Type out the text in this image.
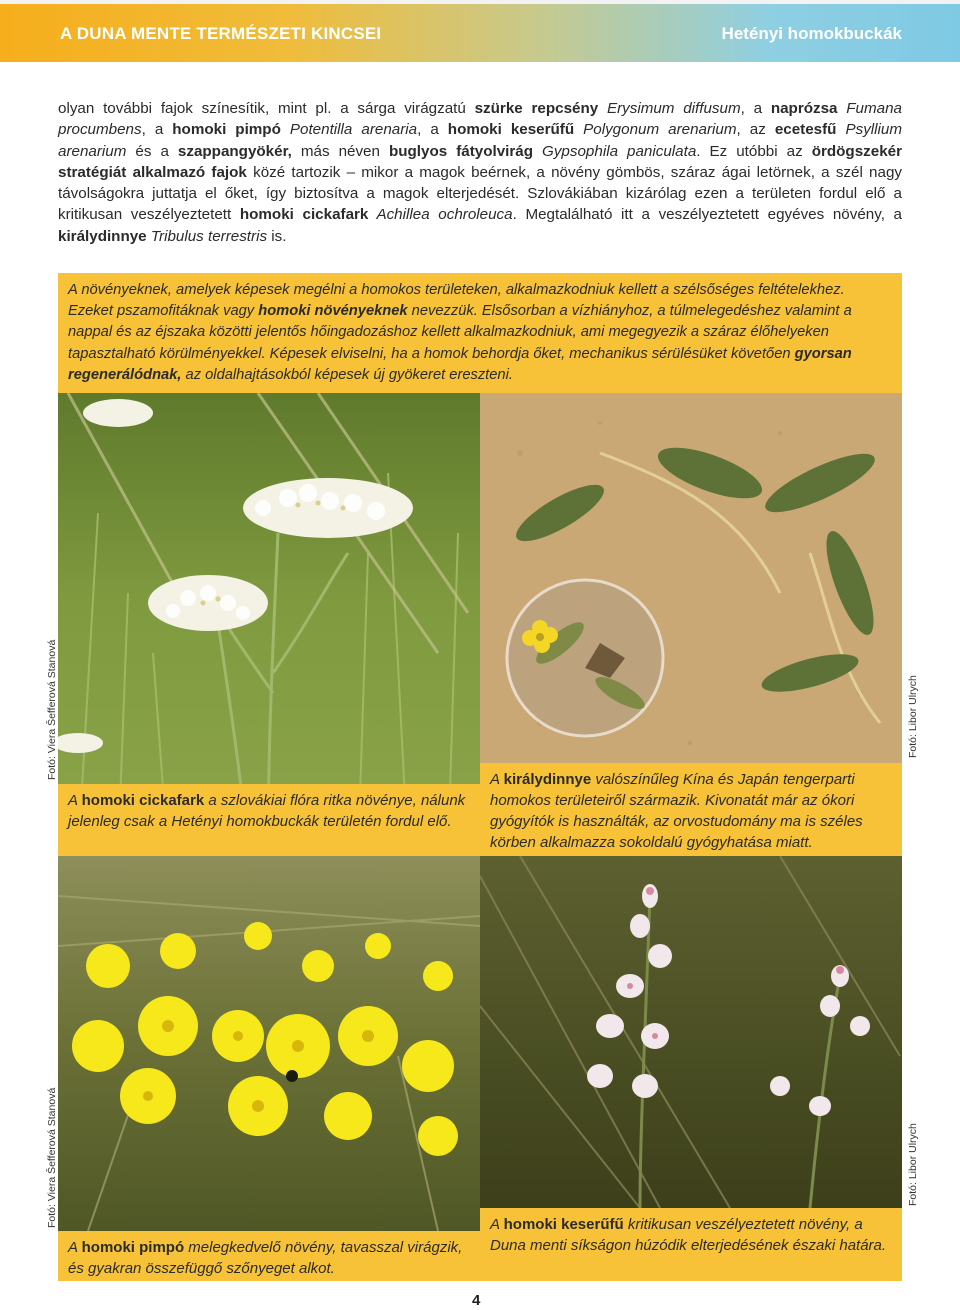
A DUNA MENTE TERMÉSZETI KINCSEI	Hetényi homokbuckák

olyan további fajok színesítik, mint pl. a sárga virágzatú szürke repcsény Erysimum diffusum, a naprózsa Fumana procumbens, a homoki pimpó Potentilla arenaria, a homoki keserűfű Polygonum arenarium, az ecetesfű Psyllium arenarium és a szappangyökér, más néven buglyos fátyolvirág Gypsophila paniculata. Ez utóbbi az ördögszekér stratégiát alkalmazó fajok közé tartozik – mikor a magok beérnek, a növény gömbös, száraz ágai letörnek, a szél nagy távolságokra juttatja el őket, így biztosítva a magok elterjedését. Szlovákiában kizárólag ezen a területen fordul elő a kritikusan veszélyeztetett homoki cickafark Achillea ochroleuca. Megtalálható itt a veszélyeztetett egyéves növény, a királydinnye Tribulus terrestris is.

A növényeknek, amelyek képesek megélni a homokos területeken, alkalmazkodniuk kellett a szélsőséges feltételekhez. Ezeket pszamofitáknak vagy homoki növényeknek nevezzük. Elsősorban a vízhiányhoz, a túlmelegedéshez valamint a nappal és az éjszaka közötti jelentős hőingadozáshoz kellett alkalmazkodniuk, ami megegyezik a száraz élőhelyeken tapasztalható körülményekkel. Képesek elviselni, ha a homok behordja őket, mechanikus sérülésüket követően gyorsan regenerálódnak, az oldalhajtásokból képesek új gyökeret ereszteni.

A homoki cickafark a szlovákiai flóra ritka növénye, nálunk jelenleg csak a Hetényi homokbuckák területén fordul elő.
A királydinnye valószínűleg Kína és Japán tengerparti homokos területeiről származik. Kivonatát már az ókori gyógyítók is használták, az orvostudomány ma is széles körben alkalmazza sokoldalú gyógyhatása miatt.
A homoki pimpó melegkedvelő növény, tavasszal virágzik, és gyakran összefüggő szőnyeget alkot.
A homoki keserűfű kritikusan veszélyeztetett növény, a Duna menti síkságon húzódik elterjedésének északi határa.
Fotó: Viera Šefferová Stanová	Fotó: Libor Ulrych
Fotó: Viera Šefferová Stanová	Fotó: Libor Ulrych
4
